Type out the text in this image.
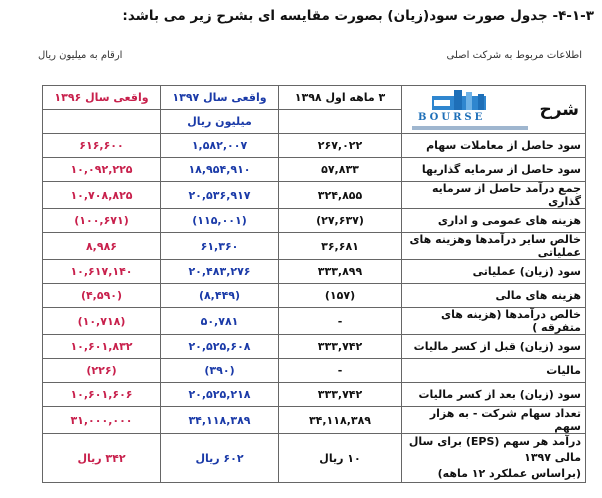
۴-۱-۳- جدول صورت سود(زیان) بصورت مقایسه ای بشرح زیر می باشد:
اطلاعات مربوط به شرکت اصلی
ارقام به میلیون ریال
شرح
BOURSE	۳ ماهه اول ۱۳۹۸	واقعی سال ۱۳۹۷	واقعی سال ۱۳۹۶
		میلیون ریال	
سود حاصل از معاملات سهام	۲۶۷,۰۲۲	۱,۵۸۲,۰۰۷	۶۱۶,۶۰۰
سود حاصل از سرمایه گذاریها	۵۷,۸۳۳	۱۸,۹۵۴,۹۱۰	۱۰,۰۹۲,۲۲۵
جمع درآمد حاصل از سرمایه گذاری	۳۲۴,۸۵۵	۲۰,۵۳۶,۹۱۷	۱۰,۷۰۸,۸۲۵
هزینه های عمومی و اداری	(۲۷,۶۳۷)	(۱۱۵,۰۰۱)	(۱۰۰,۶۷۱)
خالص سایر درآمدها وهزینه های عملیاتی	۳۶,۶۸۱	۶۱,۳۶۰	۸,۹۸۶
سود (زیان) عملیاتی	۳۳۳,۸۹۹	۲۰,۴۸۳,۲۷۶	۱۰,۶۱۷,۱۴۰
هزینه های مالی	(۱۵۷)	(۸,۴۴۹)	(۴,۵۹۰)
خالص درآمدها (هزینه های متفرقه )	-	۵۰,۷۸۱	(۱۰,۷۱۸)
سود (زیان) قبل از کسر مالیات	۳۳۳,۷۴۲	۲۰,۵۲۵,۶۰۸	۱۰,۶۰۱,۸۳۲
مالیات	-	(۳۹۰)	(۲۲۶)
سود (زیان) بعد از کسر مالیات	۳۳۳,۷۴۲	۲۰,۵۲۵,۲۱۸	۱۰,۶۰۱,۶۰۶
تعداد سهام شرکت - به هزار سهم	۳۴,۱۱۸,۳۸۹	۳۴,۱۱۸,۳۸۹	۳۱,۰۰۰,۰۰۰

درآمد هر سهم (EPS) برای سال مالی ۱۳۹۷
(براساس عملکرد ۱۲ ماهه)	۱۰ ریال	۶۰۲ ریال	۳۴۲ ریال
